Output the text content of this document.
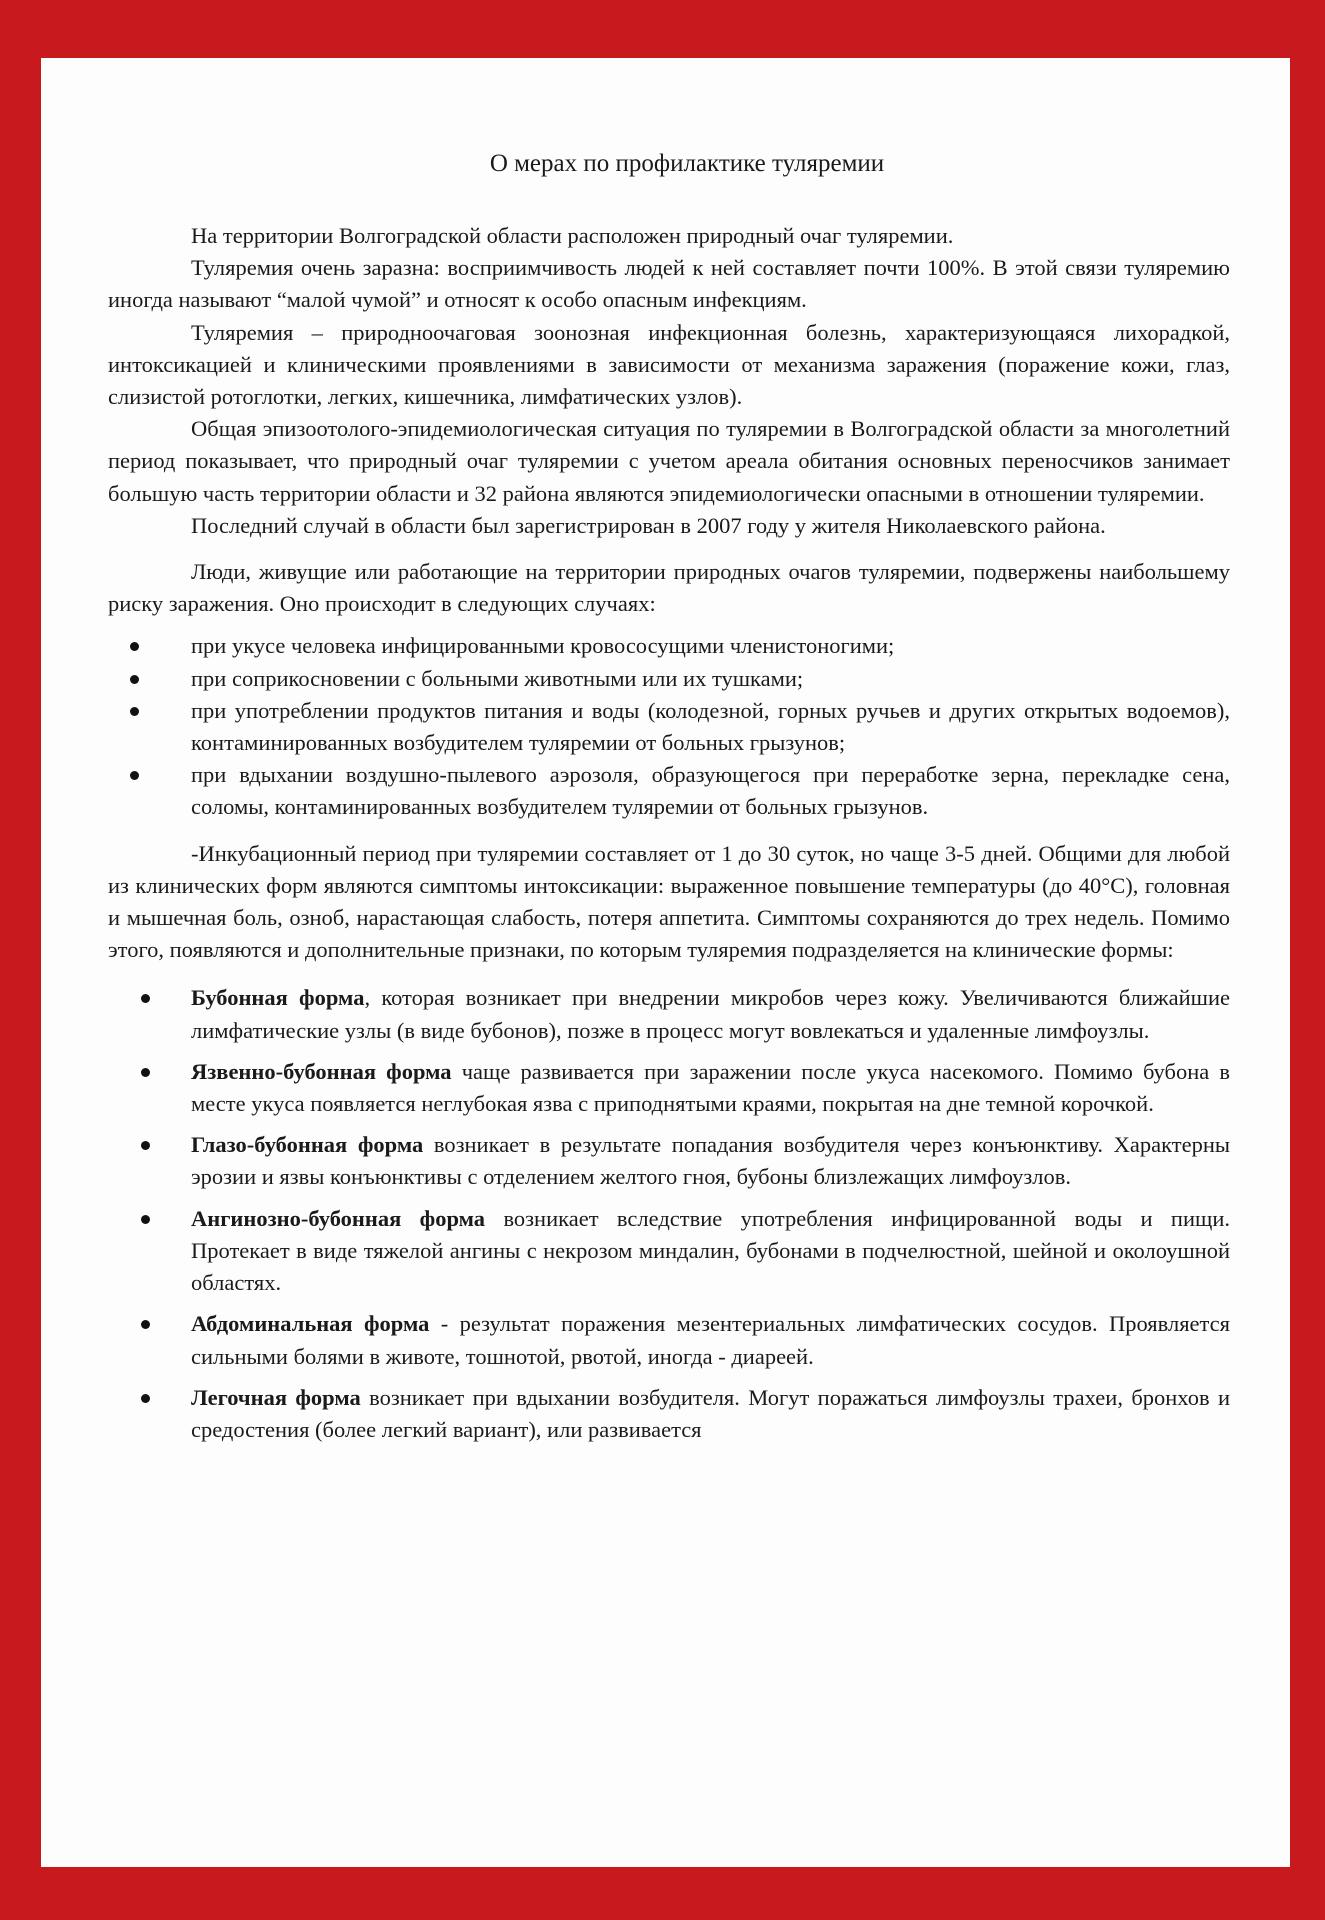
О мерах по профилактике туляремии

На территории Волгоградской области расположен природный очаг туляремии.

Туляремия очень заразна: восприимчивость людей к ней составляет почти 100%. В этой связи туляремию иногда называют “малой чумой” и относят к особо опасным инфекциям.

Туляремия – природноочаговая зоонозная инфекционная болезнь, характеризующаяся лихорадкой, интоксикацией и клиническими проявлениями в зависимости от механизма заражения (поражение кожи, глаз, слизистой ротоглотки, легких, кишечника, лимфатических узлов).

Общая эпизоотолого-эпидемиологическая ситуация по туляремии в Волгоградской области за многолетний период показывает, что природный очаг туляремии с учетом ареала обитания основных переносчиков занимает большую часть территории области и 32 района являются эпидемиологически опасными в отношении туляремии.

Последний случай в области был зарегистрирован в 2007 году у жителя Николаевского района.

Люди, живущие или работающие на территории природных очагов туляремии, подвержены наибольшему риску заражения. Оно происходит в следующих случаях:

при укусе человека инфицированными кровососущими членистоногими;
при соприкосновении с больными животными или их тушками;
при употреблении продуктов питания и воды (колодезной, горных ручьев и других открытых водоемов), контаминированных возбудителем туляремии от больных грызунов;
при вдыхании воздушно-пылевого аэрозоля, образующегося при переработке зерна, перекладке сена, соломы, контаминированных возбудителем туляремии от больных грызунов.

-Инкубационный период при туляремии составляет от 1 до 30 суток, но чаще 3-5 дней. Общими для любой из клинических форм являются симптомы интоксикации: выраженное повышение температуры (до 40°С), головная и мышечная боль, озноб, нарастающая слабость, потеря аппетита. Симптомы сохраняются до трех недель. Помимо этого, появляются и дополнительные признаки, по которым туляремия подразделяется на клинические формы:

Бубонная форма, которая возникает при внедрении микробов через кожу. Увеличиваются ближайшие лимфатические узлы (в виде бубонов), позже в процесс могут вовлекаться и удаленные лимфоузлы.
Язвенно-бубонная форма чаще развивается при заражении после укуса насекомого. Помимо бубона в месте укуса появляется неглубокая язва с приподнятыми краями, покрытая на дне темной корочкой.
Глазо-бубонная форма возникает в результате попадания возбудителя через конъюнктиву. Характерны эрозии и язвы конъюнктивы с отделением желтого гноя, бубоны близлежащих лимфоузлов.
Ангинозно-бубонная форма возникает вследствие употребления инфицированной воды и пищи. Протекает в виде тяжелой ангины с некрозом миндалин, бубонами в подчелюстной, шейной и околоушной областях.
Абдоминальная форма - результат поражения мезентериальных лимфатических сосудов. Проявляется сильными болями в животе, тошнотой, рвотой, иногда - диареей.
Легочная форма возникает при вдыхании возбудителя. Могут поражаться лимфоузлы трахеи, бронхов и средостения (более легкий вариант), или развивается
